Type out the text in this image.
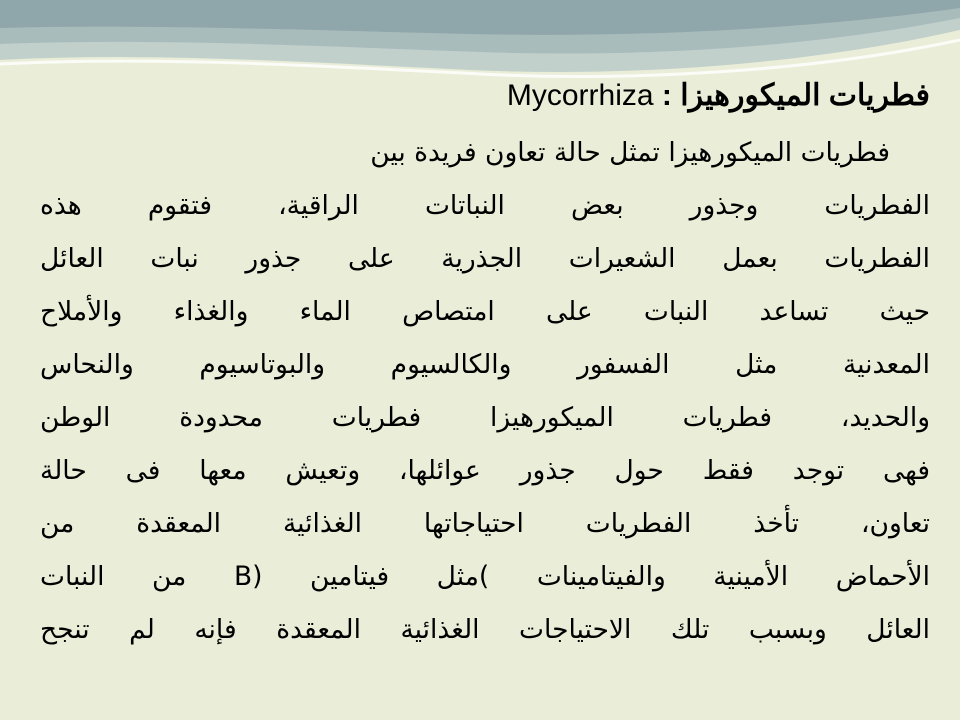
فطريات الميكورهيزا : Mycorrhiza
فطريات الميكورهيزا تمثل حالة تعاون فريدة بين
الفطريات وجذور بعض النباتات الراقية، فتقوم هذه
الفطريات بعمل الشعيرات الجذرية على جذور نبات العائل
حيث تساعد النبات على امتصاص الماء والغذاء والأملاح
المعدنية مثل الفسفور والكالسيوم والبوتاسيوم والنحاس
والحديد، فطريات الميكورهيزا فطريات محدودة الوطن
فهى توجد فقط حول جذور عوائلها، وتعيش معها فى حالة
تعاون، تأخذ الفطريات احتياجاتها الغذائية المعقدة من
الأحماض الأمينية والفيتامينات )مثل فيتامين (B من النبات
العائل وبسبب تلك الاحتياجات الغذائية المعقدة فإنه لم تنجح
